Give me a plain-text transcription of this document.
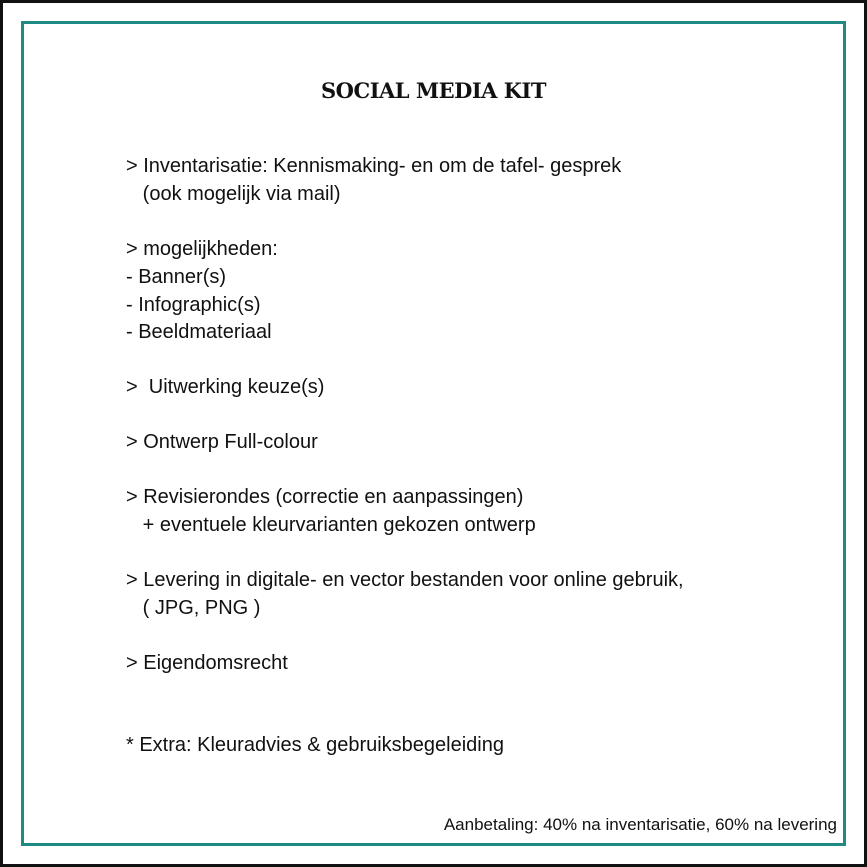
SOCIAL MEDIA KIT
> Inventarisatie: Kennismaking- en om de tafel- gesprek
(ook mogelijk via mail)
> mogelijkheden:
- Banner(s)
- Infographic(s)
- Beeldmateriaal
>  Uitwerking keuze(s)
> Ontwerp Full-colour
> Revisierondes (correctie en aanpassingen)
+ eventuele kleurvarianten gekozen ontwerp
> Levering in digitale- en vector bestanden voor online gebruik,
( JPG, PNG )
> Eigendomsrecht
* Extra: Kleuradvies & gebruiksbegeleiding
Aanbetaling: 40% na inventarisatie, 60% na levering
